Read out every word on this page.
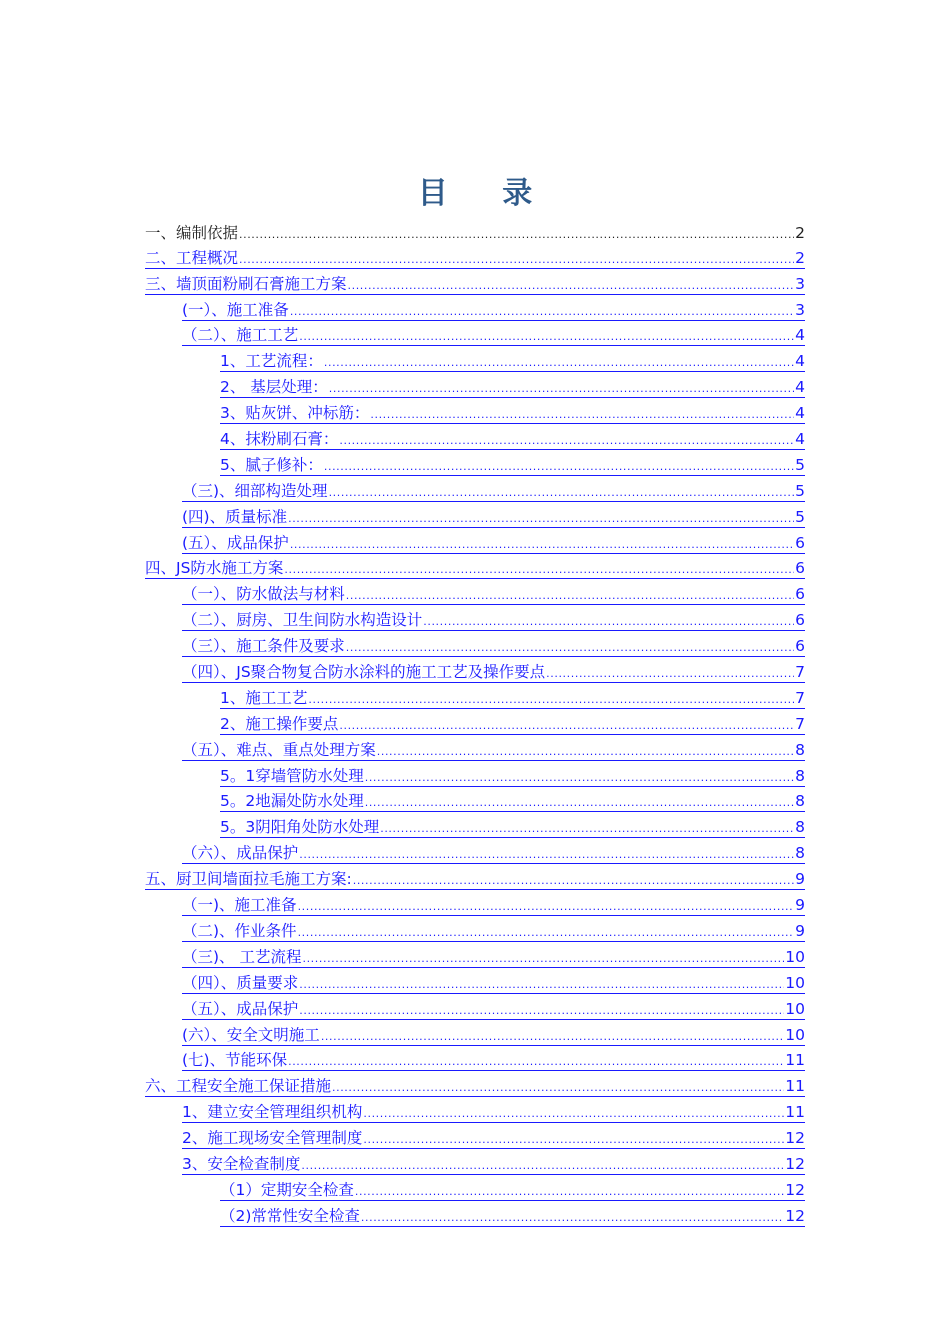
目 录
一、编制依据 .....	2
二、工程概况 .....	2
三、墙顶面粉刷石膏施工方案 .....	3
(一）、施工准备 .....	3
（二）、施工工艺 .....	4
1、工艺流程： .....	4
2、 基层处理： .....	4
3、贴灰饼、冲标筋： .....	4
4、抹粉刷石膏： .....	4
5、腻子修补： .....	5
（三)、细部构造处理 .....	5
(四)、质量标准 .....	5
(五）、成品保护 .....	6
四、JS防水施工方案 .....	6
（一）、防水做法与材料 .....	6
（二）、厨房、卫生间防水构造设计 .....	6
（三）、施工条件及要求 .....	6
（四）、JS聚合物复合防水涂料的施工工艺及操作要点 .....	7
1、施工工艺 .....	7
2、施工操作要点 .....	7
（五）、难点、重点处理方案 .....	8
5。1穿墙管防水处理 .....	8
5。2地漏处防水处理 .....	8
5。3阴阳角处防水处理 .....	8
（六）、成品保护 .....	8
五、厨卫间墙面拉毛施工方案: .....	9
（一)、施工准备 .....	9
（二)、作业条件 .....	9
（三)、 工艺流程 .....	10
（四）、质量要求 .....	10
（五）、成品保护 .....	10
(六）、安全文明施工 .....	10
(七)、节能环保 .....	11
六、工程安全施工保证措施 .....	11
1、建立安全管理组织机构 .....	11
2、施工现场安全管理制度 .....	12
3、安全检查制度 .....	12
（1）定期安全检查 .....	12
（2)常常性安全检查 .....	12
